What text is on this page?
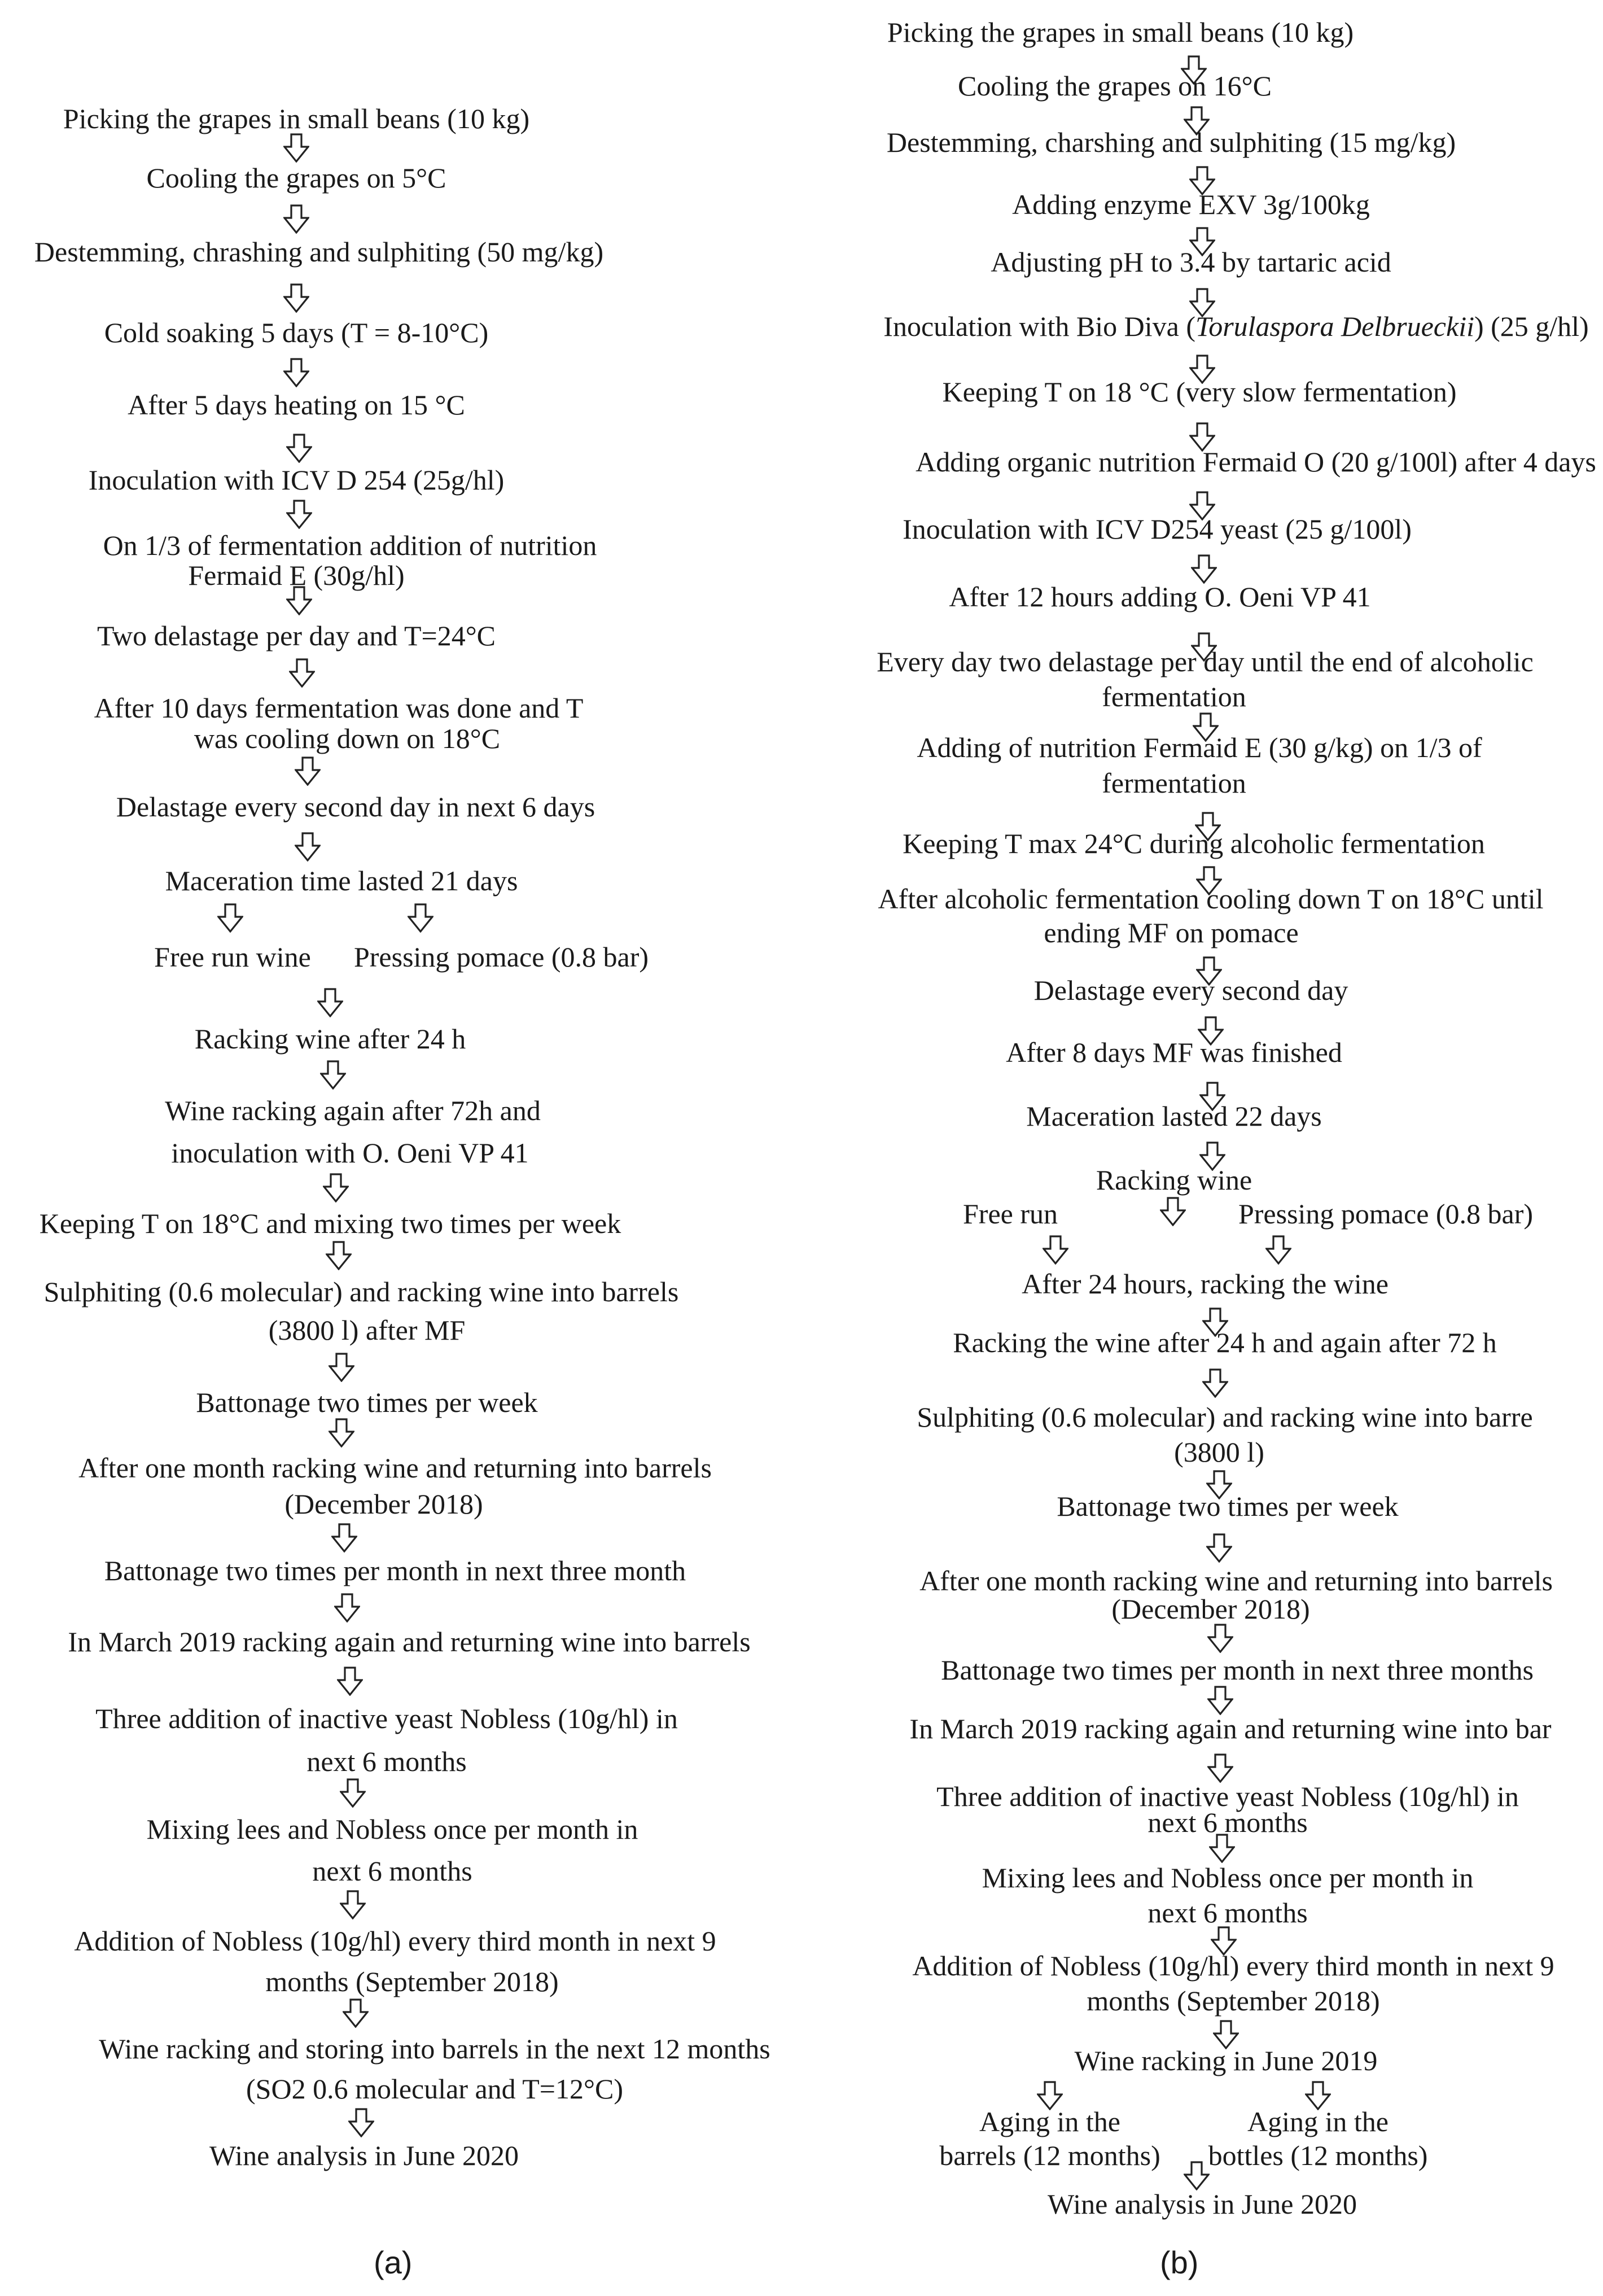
Picking the grapes in small beans (10 kg)
Cooling the grapes on 5°C
Destemming, chrashing and sulphiting (50 mg/kg)
Cold soaking 5 days (T = 8-10°C)
After 5 days heating on 15 °C
Inoculation with ICV D 254 (25g/hl)
On 1/3 of fermentation addition of nutrition
Fermaid E (30g/hl)
Two delastage per day and T=24°C
After 10 days fermentation was done and T
was cooling down on 18°C
Delastage every second day in next 6 days
Maceration time lasted 21 days
Free run wine Pressing pomace (0.8 bar)
Racking wine after 24 h
Wine racking again after 72h and
inoculation with O. Oeni VP 41
Keeping T on 18°C and mixing two times per week
Sulphiting (0.6 molecular) and racking wine into barrels
(3800 l) after MF
Battonage two times per week
After one month racking wine and returning into barrels
(December 2018)
Battonage two times per month in next three month
In March 2019 racking again and returning wine into barrels
Three addition of inactive yeast Nobless (10g/hl) in
next 6 months
Mixing lees and Nobless once per month in
next 6 months
Addition of Nobless (10g/hl) every third month in next 9
months (September 2018)
Wine racking and storing into barrels in the next 12 months
(SO2 0.6 molecular and T=12°C)
Wine analysis in June 2020
Picking the grapes in small beans (10 kg)
Cooling the grapes on 16°C
Destemming, charshing and sulphiting (15 mg/kg)
Adding enzyme EXV 3g/100kg
Adjusting pH to 3.4 by tartaric acid
Inoculation with Bio Diva (Torulaspora Delbrueckii) (25 g/hl)
Keeping T on 18 °C (very slow fermentation)
Adding organic nutrition Fermaid O (20 g/100l) after 4 days
Inoculation with ICV D254 yeast (25 g/100l)
After 12 hours adding O. Oeni VP 41
Every day two delastage per day until the end of alcoholic
fermentation
Adding of nutrition Fermaid E (30 g/kg) on 1/3 of
fermentation
Keeping T max 24°C during alcoholic fermentation
After alcoholic fermentation cooling down T on 18°C until
ending MF on pomace
Delastage every second day
After 8 days MF was finished
Maceration lasted 22 days
Racking wine
Free run	Pressing pomace (0.8 bar)
After 24 hours, racking the wine
Racking the wine after 24 h and again after 72 h
Sulphiting (0.6 molecular) and racking wine into barre
(3800 l)
Battonage two times per week
After one month racking wine and returning into barrels
(December 2018)
Battonage two times per month in next three months
In March 2019 racking again and returning wine into bar
Three addition of inactive yeast Nobless (10g/hl) in
next 6 months
Mixing lees and Nobless once per month in
next 6 months
Addition of Nobless (10g/hl) every third month in next 9
months (September 2018)
Wine racking in June 2019
Aging in the
barrels (12 months)
Aging in the
bottles (12 months)
Wine analysis in June 2020
(a)	(b)
